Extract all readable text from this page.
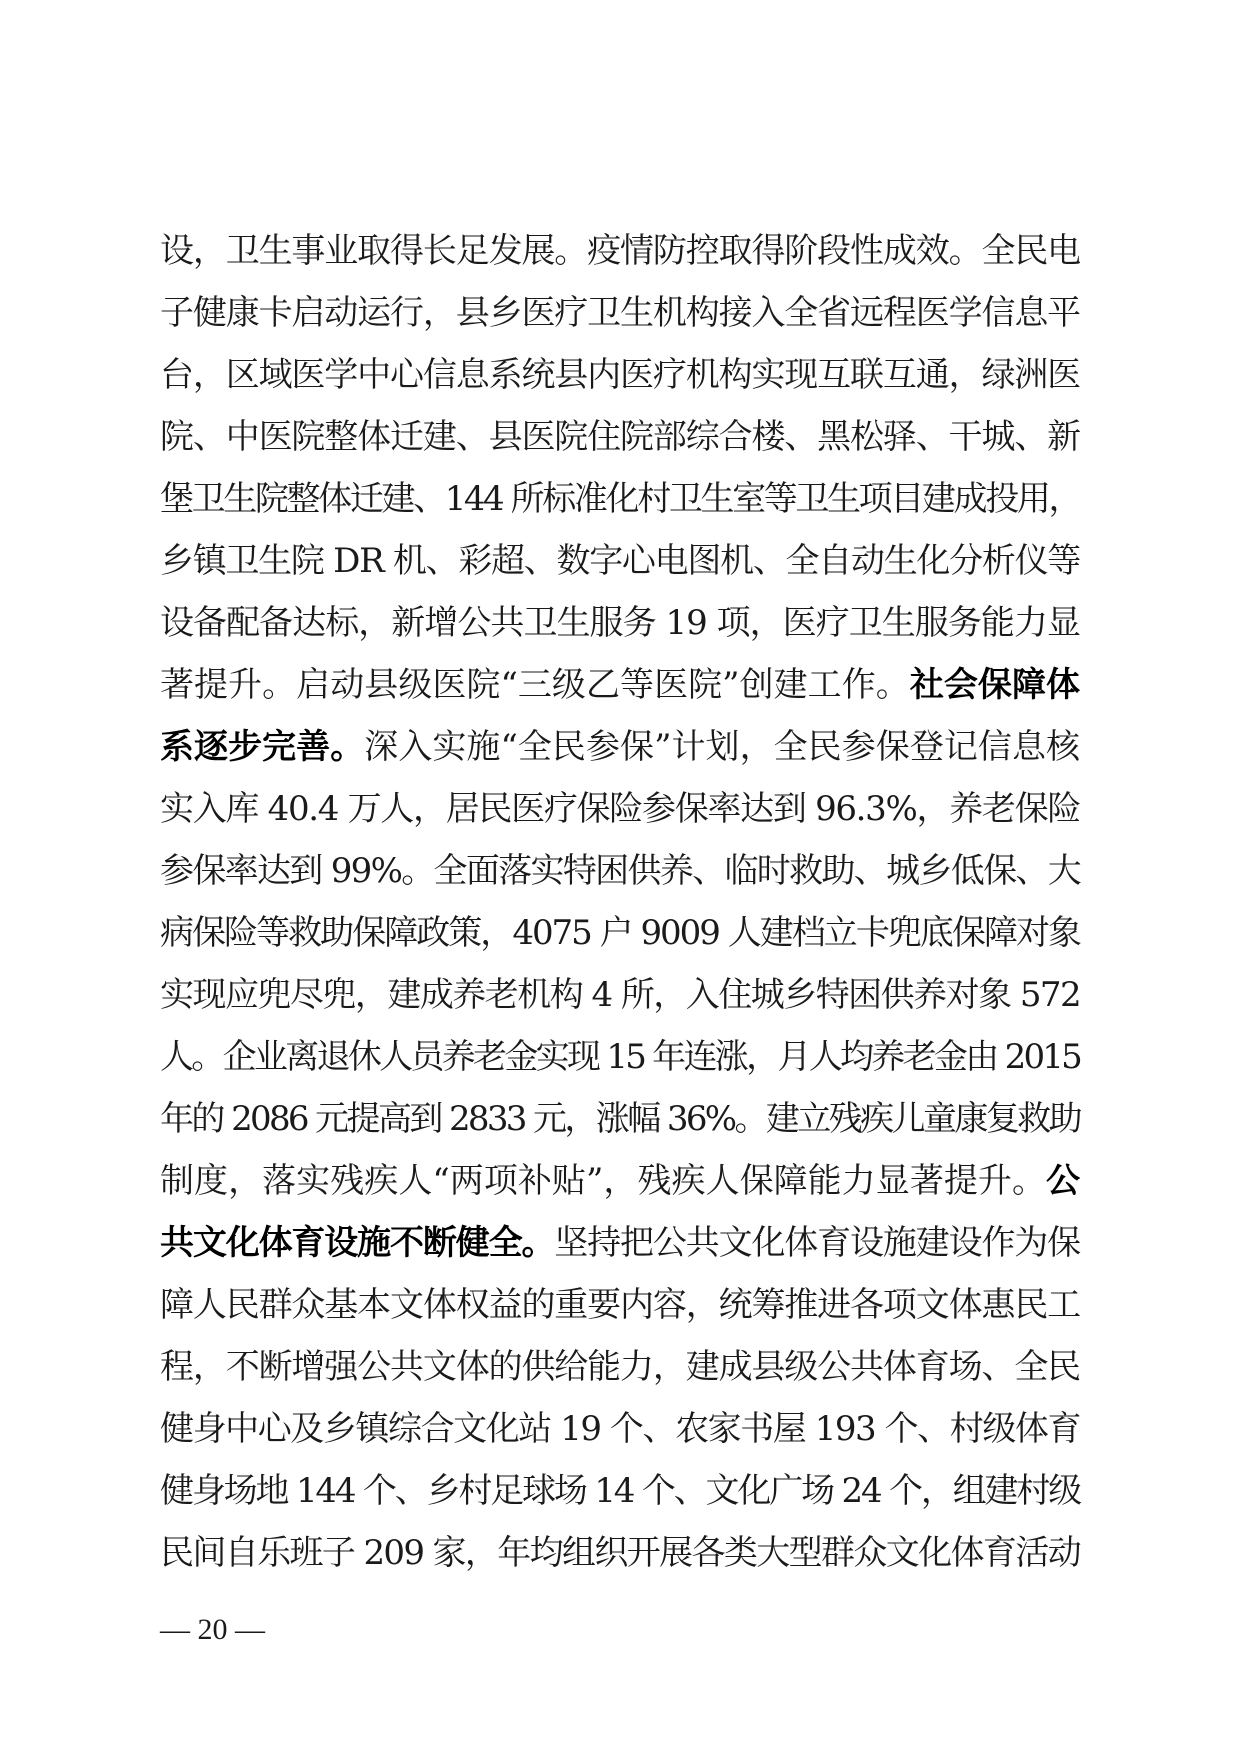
设，卫生事业取得长足发展。疫情防控取得阶段性成效。全民电
子健康卡启动运行，县乡医疗卫生机构接入全省远程医学信息平
台，区域医学中心信息系统县内医疗机构实现互联互通，绿洲医
院、中医院整体迁建、县医院住院部综合楼、黑松驿、干城、新
堡卫生院整体迁建、144 所标准化村卫生室等卫生项目建成投用，
乡镇卫生院 DR 机、彩超、数字心电图机、全自动生化分析仪等
设备配备达标，新增公共卫生服务 19 项，医疗卫生服务能力显
著提升。启动县级医院“三级乙等医院”创建工作。社会保障体
系逐步完善。深入实施“全民参保”计划，全民参保登记信息核
实入库 40.4 万人，居民医疗保险参保率达到 96.3%，养老保险
参保率达到 99%。全面落实特困供养、临时救助、城乡低保、大
病保险等救助保障政策，4075 户 9009 人建档立卡兜底保障对象
实现应兜尽兜，建成养老机构 4 所，入住城乡特困供养对象 572
人。企业离退休人员养老金实现 15 年连涨，月人均养老金由 2015
年的 2086 元提高到 2833 元，涨幅 36%。建立残疾儿童康复救助
制度，落实残疾人“两项补贴”，残疾人保障能力显著提升。公
共文化体育设施不断健全。坚持把公共文化体育设施建设作为保
障人民群众基本文体权益的重要内容，统筹推进各项文体惠民工
程，不断增强公共文体的供给能力，建成县级公共体育场、全民
健身中心及乡镇综合文化站 19 个、农家书屋 193 个、村级体育
健身场地 144 个、乡村足球场 14 个、文化广场 24 个，组建村级
民间自乐班子 209 家，年均组织开展各类大型群众文化体育活动
— 20 —
